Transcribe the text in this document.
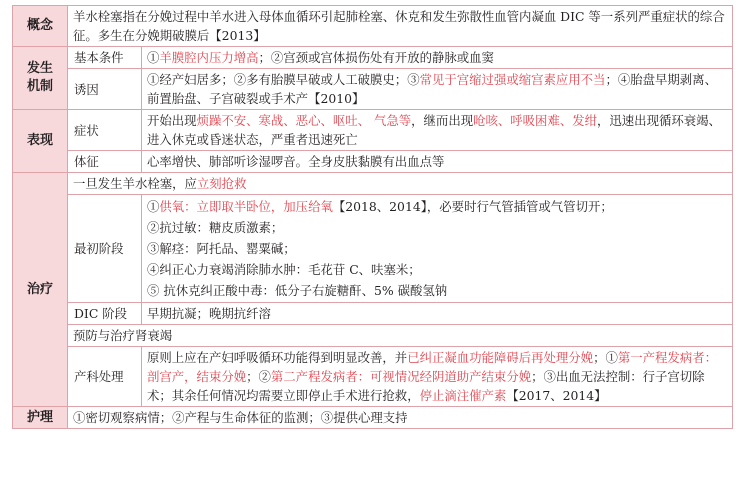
概念	羊水栓塞指在分娩过程中羊水进入母体血循环引起肺栓塞、休克和发生弥散性血管内凝血 DIC 等一系列严重症状的综合征。多生在分娩期破膜后【2013】	

发生
机制	基本条件	①羊膜腔内压力增高；②宫颈或宫体损伤处有开放的静脉或血窦
	诱因	①经产妇居多；②多有胎膜早破或人工破膜史；③常见于宫缩过强或缩宫素应用不当；④胎盘早期剥离、前置胎盘、子宫破裂或手术产【2010】
表现	症状	开始出现烦躁不安、寒战、恶心、呕吐、 气急等，继而出现呛咳、呼吸困难、发绀，迅速出现循环衰竭、进入休克或昏迷状态，严重者迅速死亡
	体征	心率增快、肺部听诊湿啰音。全身皮肤黏膜有出血点等
治疗	一旦发生羊水栓塞，应立刻抢救	
	最初阶段	①供氧：立即取半卧位，加压给氧【2018、2014】，必要时行气管插管或气管切开；
②抗过敏：糖皮质激素；
③解痉：阿托品、罂粟碱；
④纠正心力衰竭消除肺水肿：毛花苷 C、呋塞米；
⑤ 抗休克纠正酸中毒：低分子右旋糖酐、5% 碳酸氢钠

	DIC 阶段	早期抗凝；晚期抗纤溶
	预防与治疗肾衰竭	
	产科处理	原则上应在产妇呼吸循环功能得到明显改善，并已纠正凝血功能障碍后再处理分娩；①第一产程发病者：剖宫产，结束分娩；②第二产程发病者：可视情况经阴道助产结束分娩；③出血无法控制：行子宫切除术；其余任何情况均需要立即停止手术进行抢救，停止滴注催产素【2017、2014】
护理	①密切观察病情；②产程与生命体征的监测；③提供心理支持	
